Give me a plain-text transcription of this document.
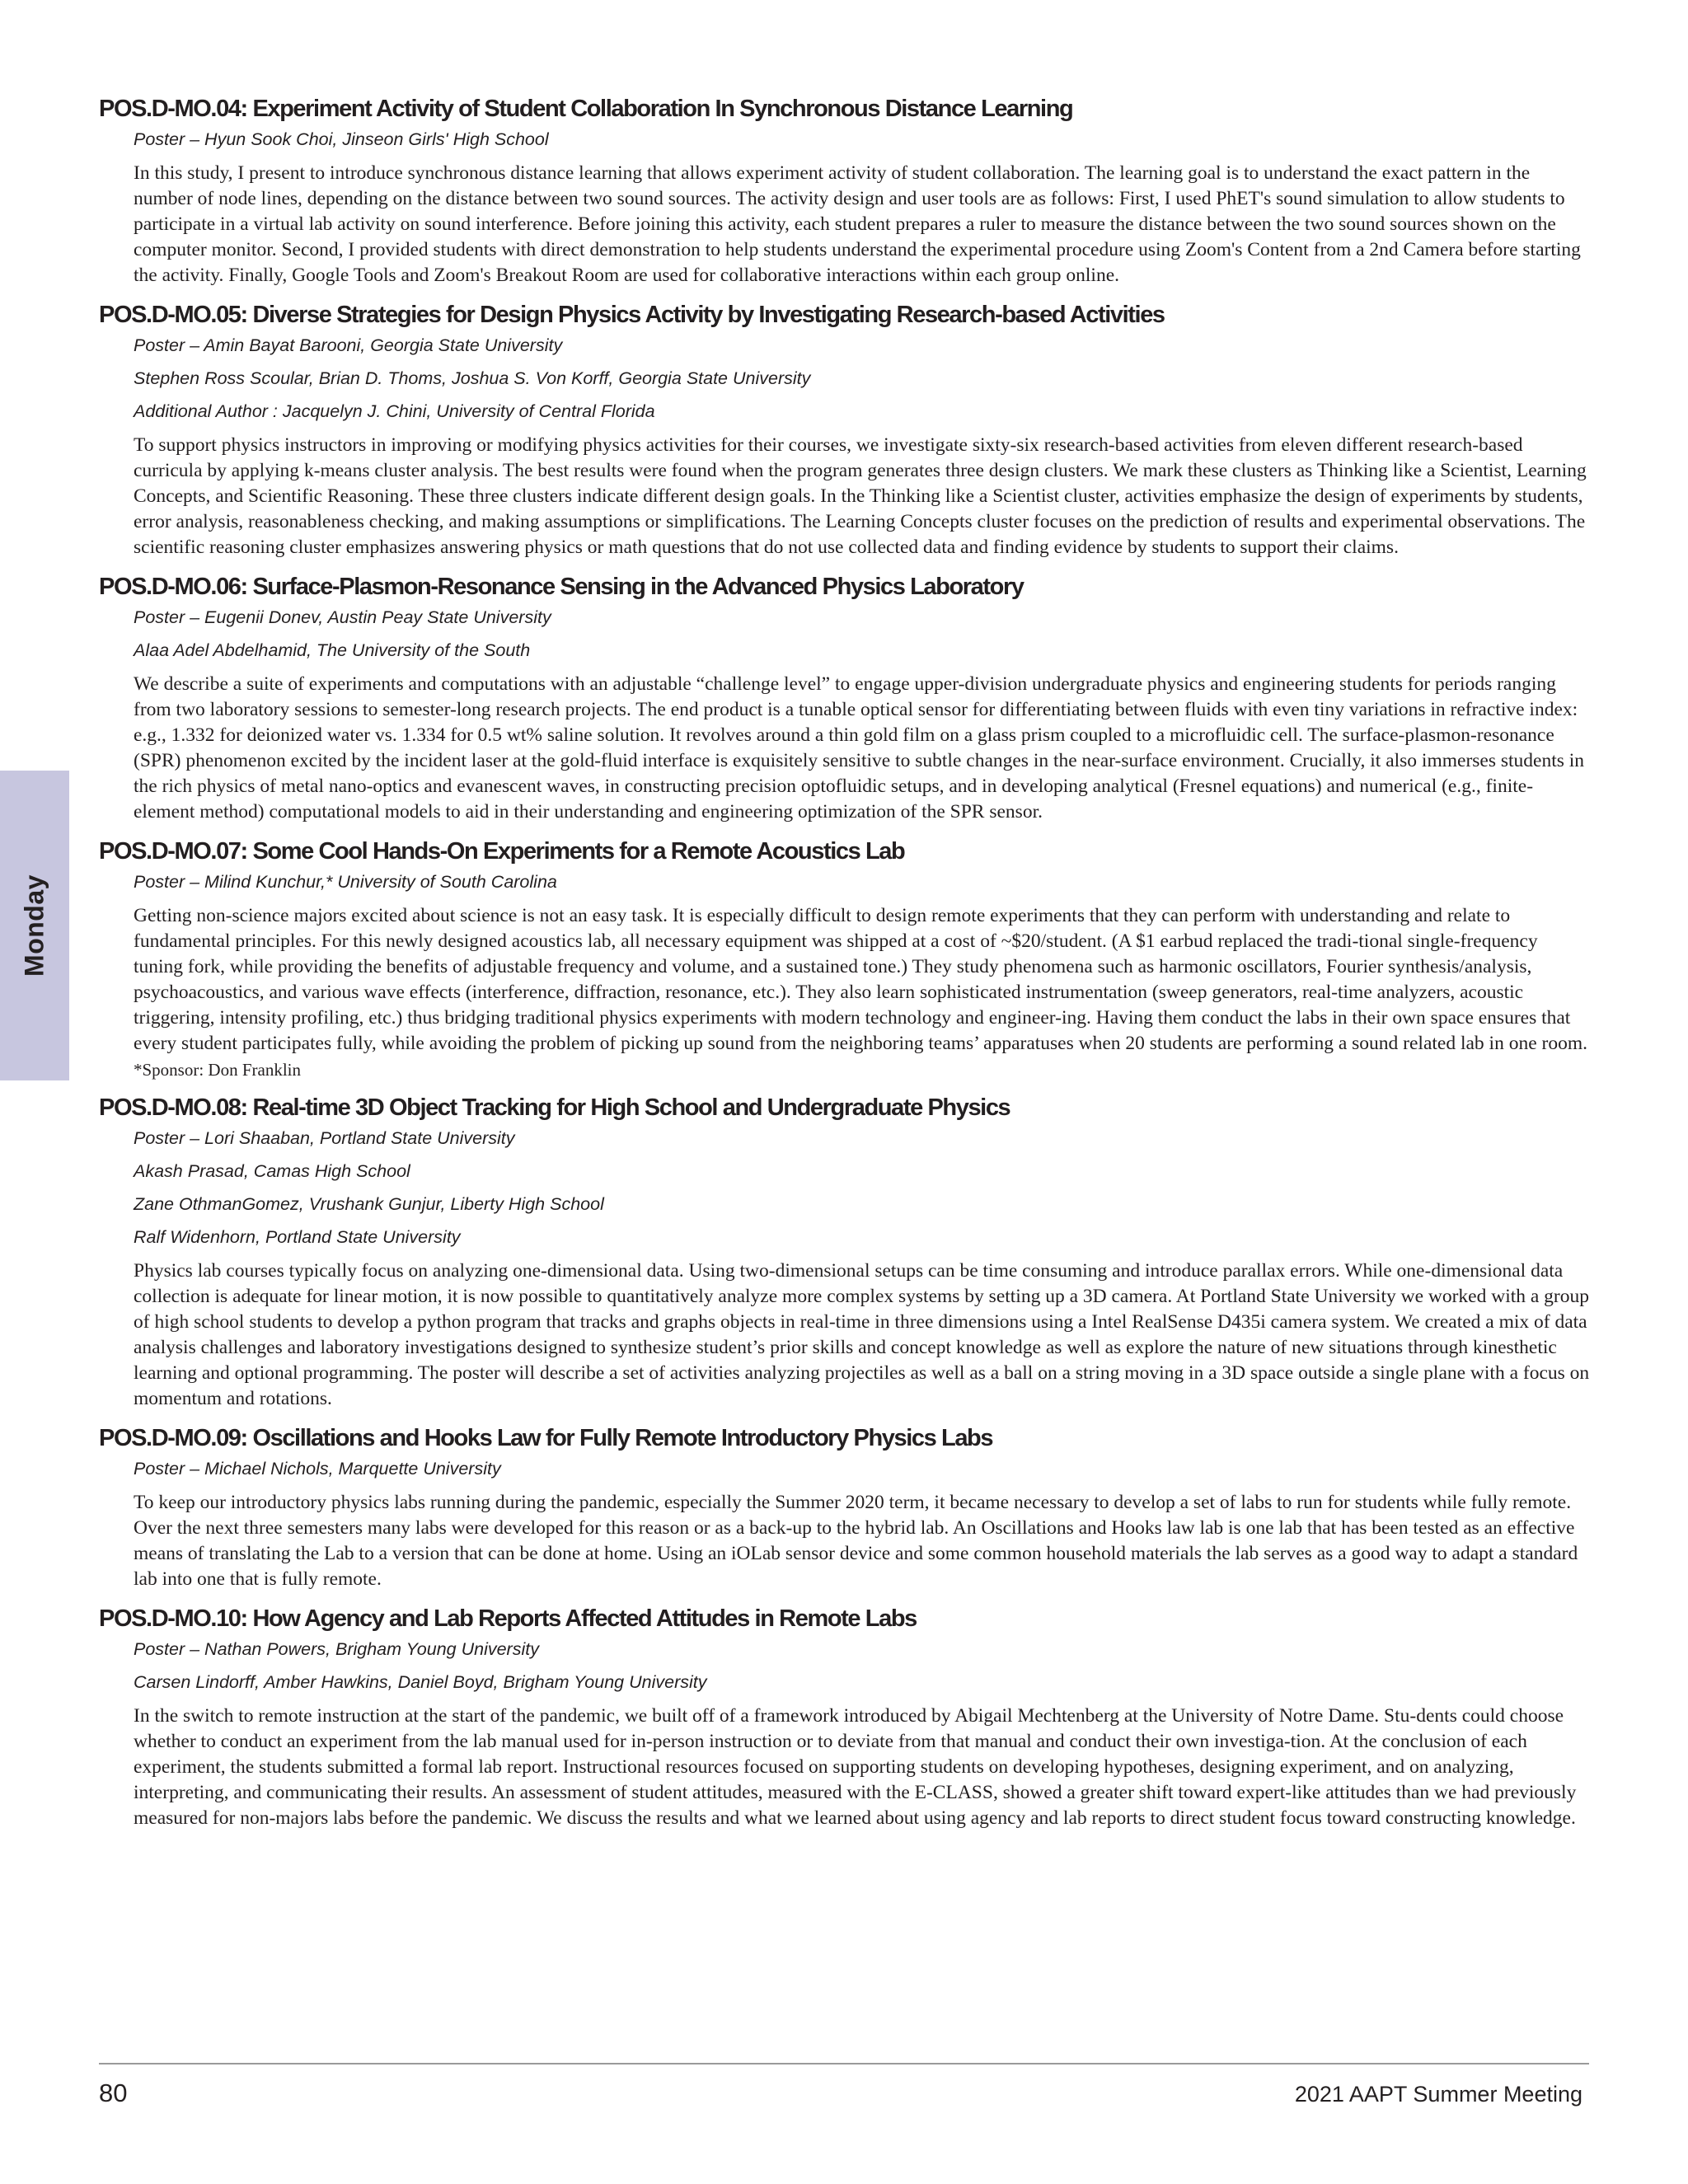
Monday
POS.D-MO.04: Experiment Activity of Student Collaboration In Synchronous Distance Learning
Poster – Hyun Sook Choi, Jinseon Girls' High School
In this study, I present to introduce synchronous distance learning that allows experiment activity of student collaboration. The learning goal is to understand the exact pattern in the number of node lines, depending on the distance between two sound sources. The activity design and user tools are as follows: First, I used PhET's sound simulation to allow students to participate in a virtual lab activity on sound interference. Before joining this activity, each student prepares a ruler to measure the distance between the two sound sources shown on the computer monitor. Second, I provided students with direct demonstration to help students understand the experimental procedure using Zoom's Content from a 2nd Camera before starting the activity. Finally, Google Tools and Zoom's Breakout Room are used for collaborative interactions within each group online.
POS.D-MO.05: Diverse Strategies for Design Physics Activity by Investigating Research-based Activities
Poster – Amin Bayat Barooni, Georgia State University
Stephen Ross Scoular, Brian D. Thoms, Joshua S. Von Korff, Georgia State University
Additional Author : Jacquelyn J. Chini, University of Central Florida
To support physics instructors in improving or modifying physics activities for their courses, we investigate sixty-six research-based activities from eleven different research-based curricula by applying k-means cluster analysis. The best results were found when the program generates three design clusters. We mark these clusters as Thinking like a Scientist, Learning Concepts, and Scientific Reasoning. These three clusters indicate different design goals. In the Thinking like a Scientist cluster, activities emphasize the design of experiments by students, error analysis, reasonableness checking, and making assumptions or simplifications. The Learning Concepts cluster focuses on the prediction of results and experimental observations. The scientific reasoning cluster emphasizes answering physics or math questions that do not use collected data and finding evidence by students to support their claims.
POS.D-MO.06: Surface-Plasmon-Resonance Sensing in the Advanced Physics Laboratory
Poster – Eugenii Donev, Austin Peay State University
Alaa Adel Abdelhamid, The University of the South
We describe a suite of experiments and computations with an adjustable “challenge level” to engage upper-division undergraduate physics and engineering students for periods ranging from two laboratory sessions to semester-long research projects. The end product is a tunable optical sensor for differentiating between fluids with even tiny variations in refractive index: e.g., 1.332 for deionized water vs. 1.334 for 0.5 wt% saline solution. It revolves around a thin gold film on a glass prism coupled to a microfluidic cell. The surface-plasmon-resonance (SPR) phenomenon excited by the incident laser at the gold-fluid interface is exquisitely sensitive to subtle changes in the near-surface environment. Crucially, it also immerses students in the rich physics of metal nano-optics and evanescent waves, in constructing precision optofluidic setups, and in developing analytical (Fresnel equations) and numerical (e.g., finite-element method) computational models to aid in their understanding and engineering optimization of the SPR sensor.
POS.D-MO.07: Some Cool Hands-On Experiments for a Remote Acoustics Lab
Poster – Milind Kunchur,* University of South Carolina
Getting non-science majors excited about science is not an easy task. It is especially difficult to design remote experiments that they can perform with understanding and relate to fundamental principles. For this newly designed acoustics lab, all necessary equipment was shipped at a cost of ~$20/student. (A $1 earbud replaced the tradi-tional single-frequency tuning fork, while providing the benefits of adjustable frequency and volume, and a sustained tone.) They study phenomena such as harmonic oscillators, Fourier synthesis/analysis, psychoacoustics, and various wave effects (interference, diffraction, resonance, etc.). They also learn sophisticated instrumentation (sweep generators, real-time analyzers, acoustic triggering, intensity profiling, etc.) thus bridging traditional physics experiments with modern technology and engineer-ing. Having them conduct the labs in their own space ensures that every student participates fully, while avoiding the problem of picking up sound from the neighboring teams’ apparatuses when 20 students are performing a sound related lab in one room.
*Sponsor: Don Franklin
POS.D-MO.08: Real-time 3D Object Tracking for High School and Undergraduate Physics
Poster – Lori Shaaban, Portland State University
Akash Prasad, Camas High School
Zane OthmanGomez, Vrushank Gunjur, Liberty High School
Ralf Widenhorn, Portland State University
Physics lab courses typically focus on analyzing one-dimensional data. Using two-dimensional setups can be time consuming and introduce parallax errors. While one-dimensional data collection is adequate for linear motion, it is now possible to quantitatively analyze more complex systems by setting up a 3D camera. At Portland State University we worked with a group of high school students to develop a python program that tracks and graphs objects in real-time in three dimensions using a Intel RealSense D435i camera system. We created a mix of data analysis challenges and laboratory investigations designed to synthesize student’s prior skills and concept knowledge as well as explore the nature of new situations through kinesthetic learning and optional programming. The poster will describe a set of activities analyzing projectiles as well as a ball on a string moving in a 3D space outside a single plane with a focus on momentum and rotations.
POS.D-MO.09: Oscillations and Hooks Law for Fully Remote Introductory Physics Labs
Poster – Michael Nichols, Marquette University
To keep our introductory physics labs running during the pandemic, especially the Summer 2020 term, it became necessary to develop a set of labs to run for students while fully remote. Over the next three semesters many labs were developed for this reason or as a back-up to the hybrid lab. An Oscillations and Hooks law lab is one lab that has been tested as an effective means of translating the Lab to a version that can be done at home. Using an iOLab sensor device and some common household materials the lab serves as a good way to adapt a standard lab into one that is fully remote.
POS.D-MO.10: How Agency and Lab Reports Affected Attitudes in Remote Labs
Poster – Nathan Powers, Brigham Young University
Carsen Lindorff, Amber Hawkins, Daniel Boyd, Brigham Young University
In the switch to remote instruction at the start of the pandemic, we built off of a framework introduced by Abigail Mechtenberg at the University of Notre Dame. Stu-dents could choose whether to conduct an experiment from the lab manual used for in-person instruction or to deviate from that manual and conduct their own investiga-tion. At the conclusion of each experiment, the students submitted a formal lab report. Instructional resources focused on supporting students on developing hypotheses, designing experiment, and on analyzing, interpreting, and communicating their results. An assessment of student attitudes, measured with the E-CLASS, showed a greater shift toward expert-like attitudes than we had previously measured for non-majors labs before the pandemic. We discuss the results and what we learned about using agency and lab reports to direct student focus toward constructing knowledge.
80	2021 AAPT Summer Meeting
